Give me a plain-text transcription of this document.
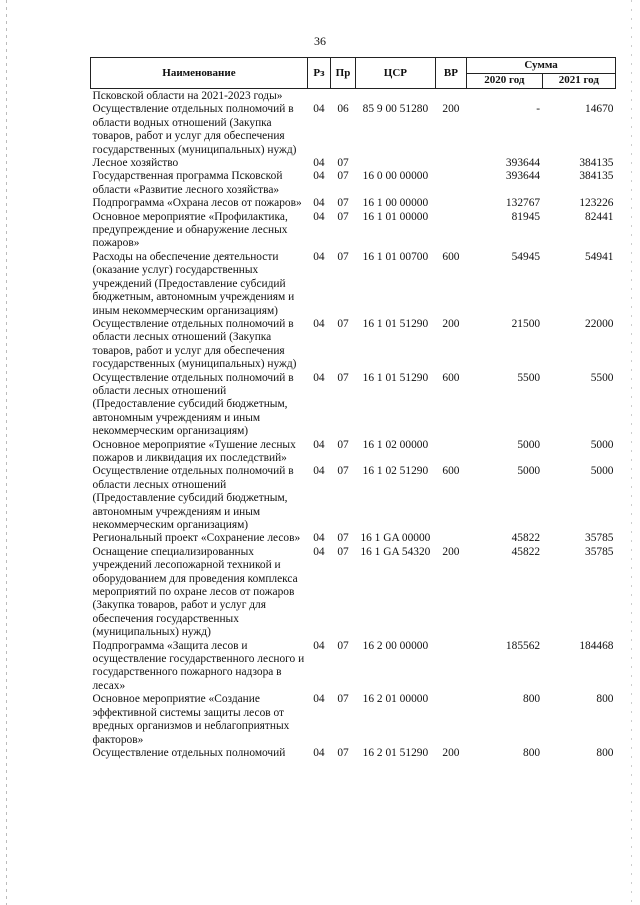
36
Наименование	Рз	Пр	ЦСР	ВР	Сумма	
					2020 год	2021 год
Псковской области на 2021-2023 годы»						
Осуществление отдельных полномочий в области водных отношений (Закупка товаров, работ и услуг для обеспечения государственных (муниципальных) нужд)	04	06	85 9 00 51280	200	-	14670
Лесное хозяйство	04	07			393644	384135
Государственная программа Псковской области «Развитие лесного хозяйства»	04	07	16 0 00 00000		393644	384135
Подпрограмма «Охрана лесов от пожаров»	04	07	16 1 00 00000		132767	123226
Основное мероприятие «Профилактика, предупреждение и обнаружение лесных пожаров»	04	07	16 1 01 00000		81945	82441
Расходы на обеспечение деятельности (оказание услуг) государственных учреждений (Предоставление субсидий бюджетным, автономным учреждениям и иным некоммерческим организациям)	04	07	16 1 01 00700	600	54945	54941
Осуществление отдельных полномочий в области лесных отношений (Закупка товаров, работ и услуг для обеспечения государственных (муниципальных) нужд)	04	07	16 1 01 51290	200	21500	22000
Осуществление отдельных полномочий в области лесных отношений (Предоставление субсидий бюджетным, автономным учреждениям и иным некоммерческим организациям)	04	07	16 1 01 51290	600	5500	5500
Основное мероприятие «Тушение лесных пожаров и ликвидация их последствий»	04	07	16 1 02 00000		5000	5000
Осуществление отдельных полномочий в области лесных отношений (Предоставление субсидий бюджетным, автономным учреждениям и иным некоммерческим организациям)	04	07	16 1 02 51290	600	5000	5000
Региональный проект «Сохранение лесов»	04	07	16 1 GA 00000		45822	35785
Оснащение специализированных учреждений лесопожарной техникой и оборудованием для проведения комплекса мероприятий по охране лесов от пожаров (Закупка товаров, работ и услуг для обеспечения государственных (муниципальных) нужд)	04	07	16 1 GA 54320	200	45822	35785
Подпрограмма «Защита лесов и осуществление государственного лесного и государственного пожарного надзора в лесах»	04	07	16 2 00 00000		185562	184468
Основное мероприятие «Создание эффективной системы защиты лесов от вредных организмов и неблагоприятных факторов»	04	07	16 2 01 00000		800	800
Осуществление отдельных полномочий	04	07	16 2 01 51290	200	800	800
